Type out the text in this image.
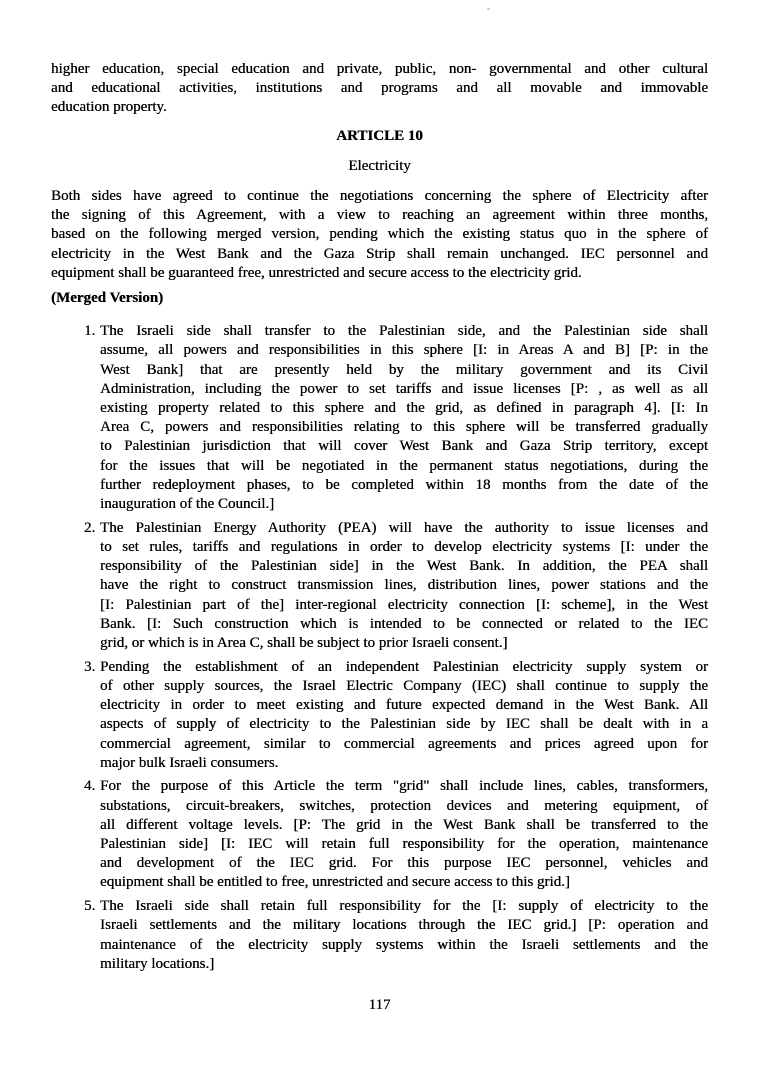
higher education, special education and private, public, non- governmental and other cultural
and educational activities, institutions and programs and all movable and immovable
education property.
ARTICLE 10
Electricity
Both sides have agreed to continue the negotiations concerning the sphere of Electricity after
the signing of this Agreement, with a view to reaching an agreement within three months,
based on the following merged version, pending which the existing status quo in the sphere of
electricity in the West Bank and the Gaza Strip shall remain unchanged. IEC personnel and
equipment shall be guaranteed free, unrestricted and secure access to the electricity grid.
(Merged Version)
1. The Israeli side shall transfer to the Palestinian side, and the Palestinian side shall
assume, all powers and responsibilities in this sphere [I: in Areas A and B] [P: in the
West Bank] that are presently held by the military government and its Civil
Administration, including the power to set tariffs and issue licenses [P: , as well as all
existing property related to this sphere and the grid, as defined in paragraph 4]. [I: In
Area C, powers and responsibilities relating to this sphere will be transferred gradually
to Palestinian jurisdiction that will cover West Bank and Gaza Strip territory, except
for the issues that will be negotiated in the permanent status negotiations, during the
further redeployment phases, to be completed within 18 months from the date of the
inauguration of the Council.]
2. The Palestinian Energy Authority (PEA) will have the authority to issue licenses and
to set rules, tariffs and regulations in order to develop electricity systems [I: under the
responsibility of the Palestinian side] in the West Bank. In addition, the PEA shall
have the right to construct transmission lines, distribution lines, power stations and the
[I: Palestinian part of the] inter-regional electricity connection [I: scheme], in the West
Bank. [I: Such construction which is intended to be connected or related to the IEC
grid, or which is in Area C, shall be subject to prior Israeli consent.]
3. Pending the establishment of an independent Palestinian electricity supply system or
of other supply sources, the Israel Electric Company (IEC) shall continue to supply the
electricity in order to meet existing and future expected demand in the West Bank. All
aspects of supply of electricity to the Palestinian side by IEC shall be dealt with in a
commercial agreement, similar to commercial agreements and prices agreed upon for
major bulk Israeli consumers.
4. For the purpose of this Article the term "grid" shall include lines, cables, transformers,
substations, circuit-breakers, switches, protection devices and metering equipment, of
all different voltage levels. [P: The grid in the West Bank shall be transferred to the
Palestinian side] [I: IEC will retain full responsibility for the operation, maintenance
and development of the IEC grid. For this purpose IEC personnel, vehicles and
equipment shall be entitled to free, unrestricted and secure access to this grid.]
5. The Israeli side shall retain full responsibility for the [I: supply of electricity to the
Israeli settlements and the military locations through the IEC grid.] [P: operation and
maintenance of the electricity supply systems within the Israeli settlements and the
military locations.]
117
